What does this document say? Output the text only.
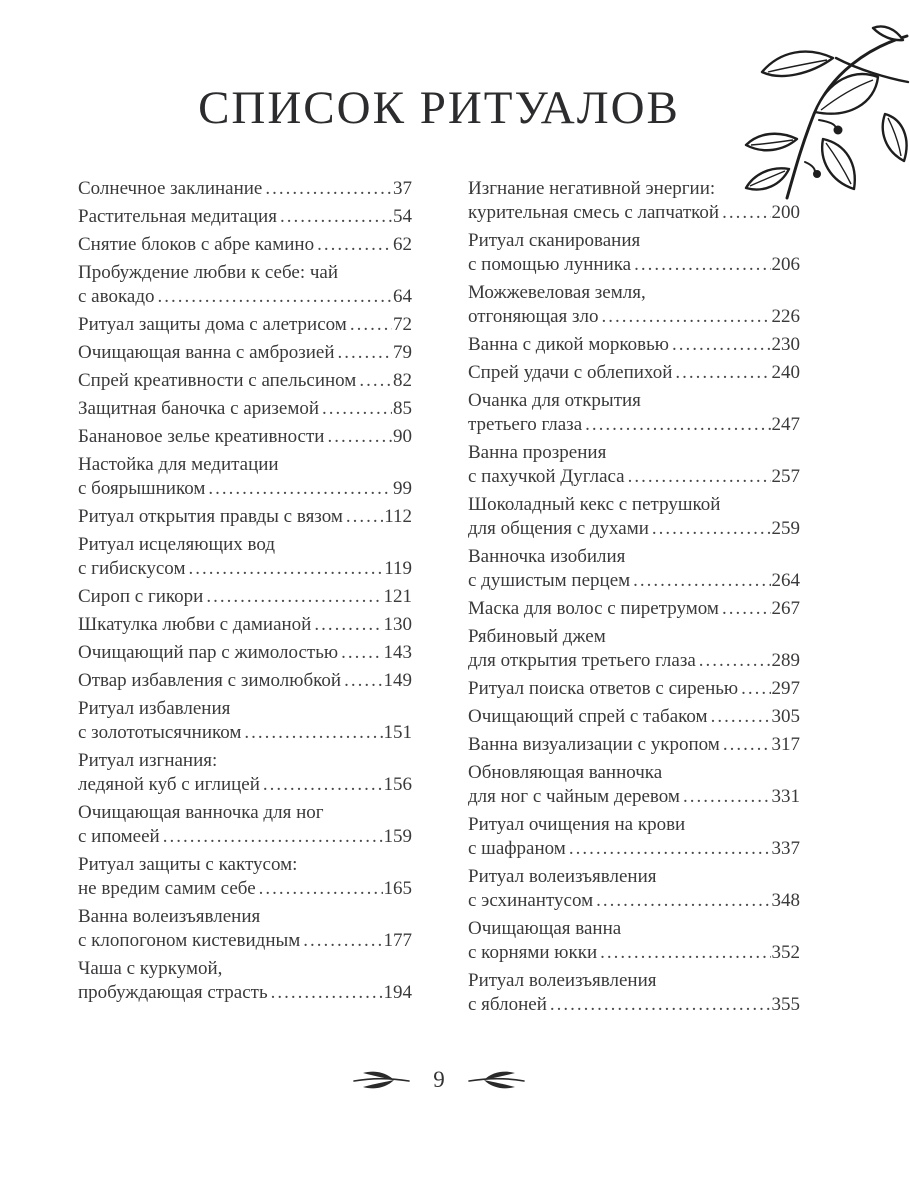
СПИСОК РИТУАЛОВ
Солнечное заклинание .....	37
Растительная медитация .....	54
Снятие блоков с абре камино .....	62
Пробуждение любви к себе: чай
с авокадо .....	64
Ритуал защиты дома с алетрисом ..... 72
Очищающая ванна с амброзией .....	79
Спрей креативности с апельсином ..... 82
Защитная баночка с ариземой .....	85
Банановое зелье креативности .....	90
Настойка для медитации
с боярышником .....	99
Ритуал открытия правды с вязом ..... 112
Ритуал исцеляющих вод
с гибискусом .....	119
Сироп с гикори .....	121
Шкатулка любви с дамианой .....	130
Очищающий пар с жимолостью ..... 143
Отвар избавления с зимолюбкой ..... 149
Ритуал избавления
с золототысячником .....	151
Ритуал изгнания:
ледяной куб с иглицей .....	156
Очищающая ванночка для ног
с ипомеей .....	159
Ритуал защиты с кактусом:
не вредим самим себе .....	165
Ванна волеизъявления
с клопогоном кистевидным .....	177
Чаша с куркумой,
пробуждающая страсть .....	194
Изгнание негативной энергии:
курительная смесь с лапчаткой .....	200
Ритуал сканирования
с помощью лунника .....	206
Можжевеловая земля,
отгоняющая зло .....	226
Ванна с дикой морковью .....	230
Спрей удачи с облепихой .....	240
Очанка для открытия
третьего глаза .....	247
Ванна прозрения
с пахучкой Дугласа .....	257
Шоколадный кекс с петрушкой
для общения с духами .....	259
Ванночка изобилия
с душистым перцем .....	264
Маска для волос с пиретрумом .....	267
Рябиновый джем
для открытия третьего глаза .....	289
Ритуал поиска ответов с сиренью ..... 297
Очищающий спрей с табаком .....	305
Ванна визуализации с укропом .....	317
Обновляющая ванночка
для ног с чайным деревом .....	331
Ритуал очищения на крови
с шафраном .....	337
Ритуал волеизъявления
с эсхинантусом .....	348
Очищающая ванна
с корнями юкки .....	352
Ритуал волеизъявления
с яблоней .....	355
9
